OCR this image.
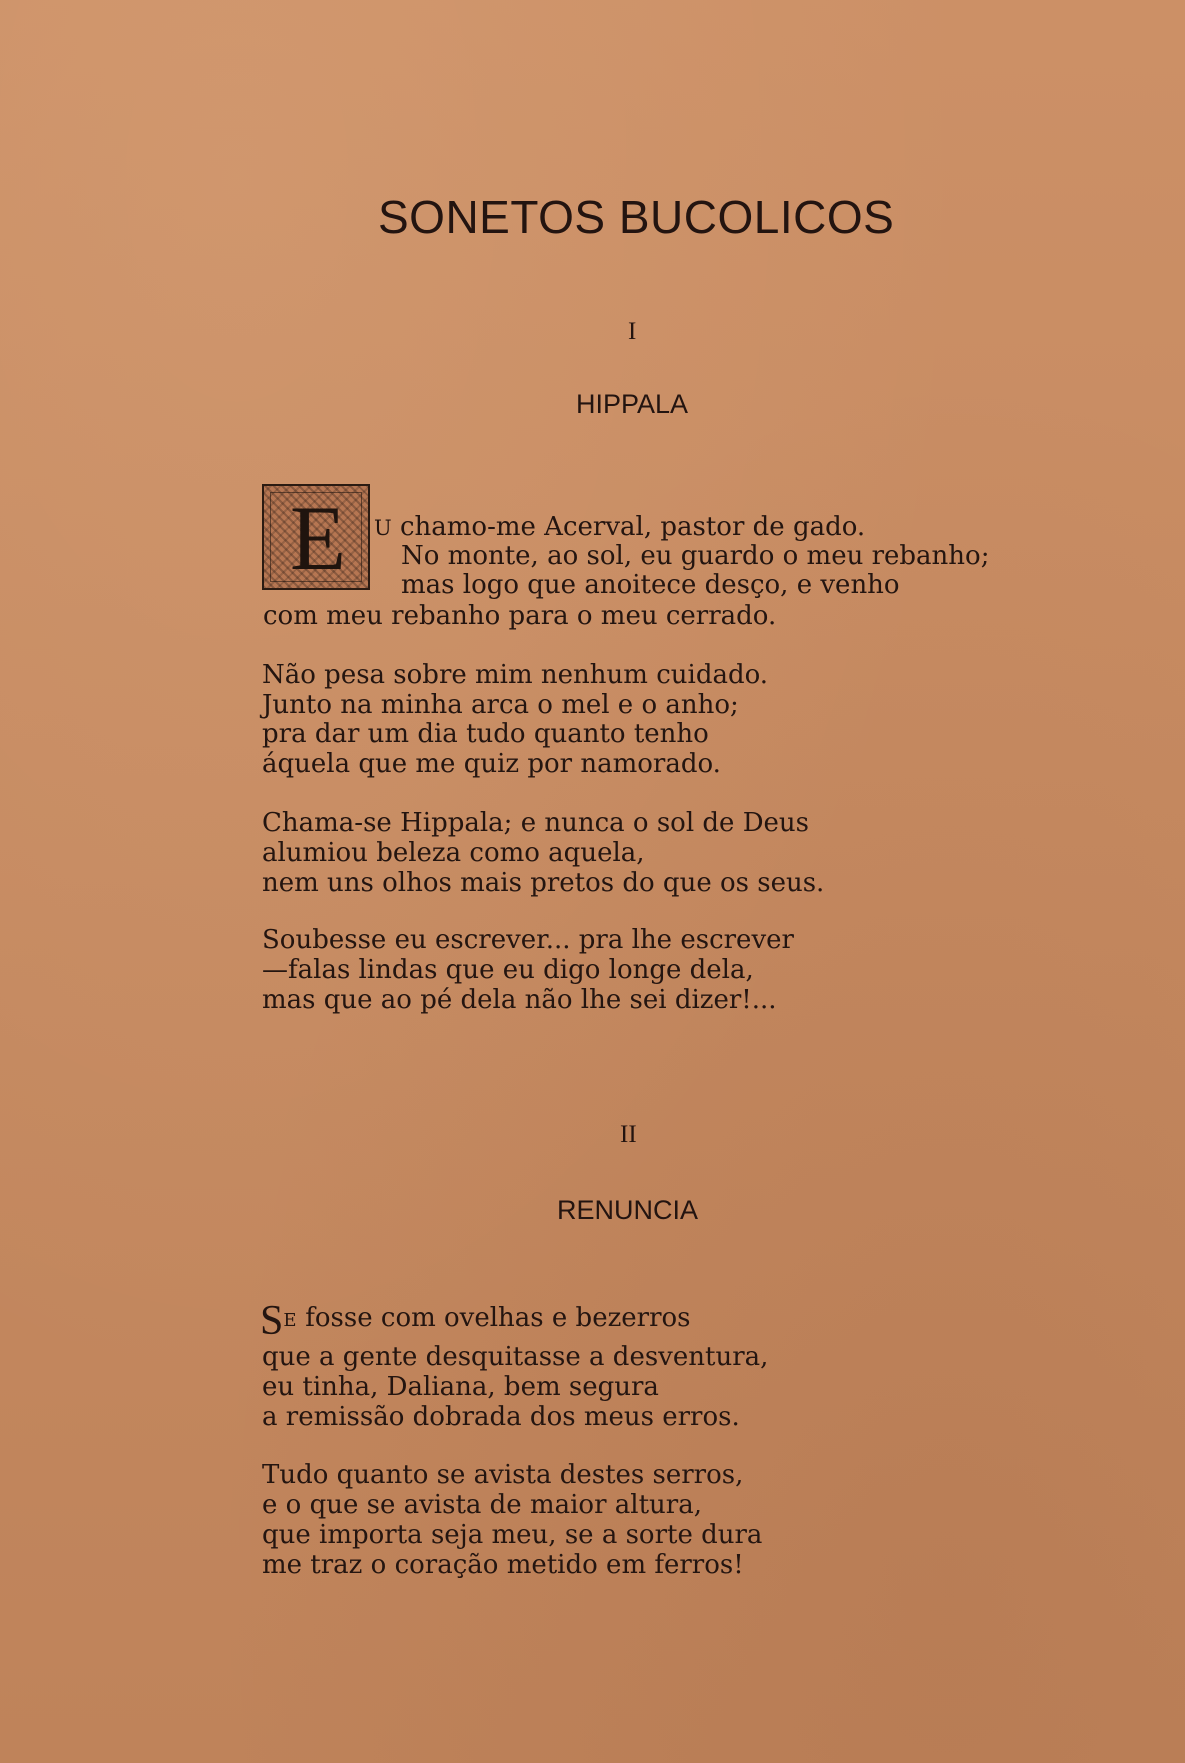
SONETOS BUCOLICOS
I
HIPPALA
E U chamo-me Acerval, pastor de gado.
No monte, ao sol, eu guardo o meu rebanho;
mas logo que anoitece desço, e venho
com meu rebanho para o meu cerrado.
Não pesa sobre mim nenhum cuidado.
Junto na minha arca o mel e o anho;
pra dar um dia tudo quanto tenho
áquela que me quiz por namorado.
Chama-se Hippala; e nunca o sol de Deus
alumiou beleza como aquela,
nem uns olhos mais pretos do que os seus.
Soubesse eu escrever... pra lhe escrever
—falas lindas que eu digo longe dela,
mas que ao pé dela não lhe sei dizer!...
II
RENUNCIA
SE fosse com ovelhas e bezerros
que a gente desquitasse a desventura,
eu tinha, Daliana, bem segura
a remissão dobrada dos meus erros.
Tudo quanto se avista destes serros,
e o que se avista de maior altura,
que importa seja meu, se a sorte dura
me traz o coração metido em ferros!
